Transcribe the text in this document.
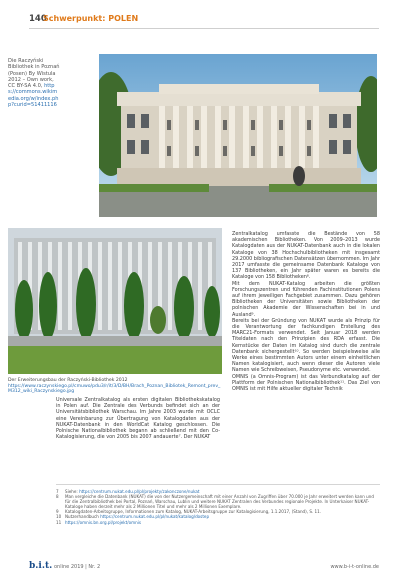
140
Schwerpunkt: POLEN
Die Raczyński Bibliothek in Poznań (Posen) By Wistula 2012 – Own work, CC BY-SA 4.0, https://commons.wikimedia.org/w/index.php?curid=51411116
Der Erweiterungsbau der Raczyński-Bibliothek 2012
https://www.raczynskiego.pl/cmuwo/pdu3/r/it/3/D/BH/Brach_Poznan_Bibliotek_Remont_prev_M312_wiki_Raczynskiego.jpg

Zentralkatalog umfasste die Bestände von 58 akademischen Bibliotheken. Von 2009–2013 wurde Katalogdaten aus der NUKAT-Datenbank auch in die lokalen Kataloge von 38 Hochschulbibliotheken mit insgesamt 29.2000 bibliografischen Datensätzen übernommen. Im Jahr 2017 umfasste die gemeinsame Datenbank Kataloge von 137 Bibliotheken, ein Jahr später waren es bereits die Kataloge von 158 Bibliotheken⁸.

Mit dem NUKAT-Katalog arbeiten die größten Forschungszentren und führenden Fachinstitutionen Polens auf ihrem jeweiligen Fachgebiet zusammen. Dazu gehören Bibliotheken der Universitäten sowie Bibliotheken der polnischen Akademie der Wissenschaften bei in und Ausland⁹.

Bereits bei der Gründung von NUKAT wurde als Prinzip für die Verantwortung der fachkundigen Erstellung des MARC21-Formats verwendet. Seit Januar 2018 werden Titeldaten nach den Prinzipien des RDA erfasst. Die Kernstücke der Daten im Katalog sind durch die zentrale Datenbank sichergestellt¹⁰. So werden beispielsweise alle Werke eines bestimmten Autors unter einem einheitlichen Namen katalogisiert, auch wenn dieser die Autoren viele Namen wie Schreibweisen, Pseudonyme etc. verwendet.

OMNIS (a Omnis-Program) ist das Verbundkatalog auf der Plattform der Polnischen Nationalbibliothek¹¹. Das Ziel von OMNIS ist mit Hilfe aktueller digitaler Technik

Universale Zentralkatalog als ersten digitalen Bibliothekskatalog in Polen auf. Die Zentrale des Verbunds befindet sich an der Universitätsbibliothek Warschau. Im Jahre 2003 wurde mit OCLC eine Vereinbarung zur Übertragung von Katalogdaten aus der NUKAT-Datenbank in den WorldCat Katalog geschlossen. Die Polnische Nationalbibliothek begann ab schließend mit den Co-Katalogisierung, die von 2005 bis 2007 andauerte⁷. Der NUKAT

7	Siehe: https://centrum.nukat.edu.pl/pl/projekty/zakonczone/nukat
8	Man vergleiche die Datenbank (NUKAT) die von der Nutzergemeinschaft mit einer Anzahl von Zugriffen über 70.000 je Jahr erweitert werden kann und für die Zentralbibliothek bei Portal, Poznań, Warschau, Lublin und weitere NUKAT Zentralen des Verbundes regionale Projekte. In Unterkaiser NUKAT-Kataloge haben derzeit mehr als 2 Millionen Titel und mehr als 2 Millionen Exemplare.
9	Katalogdaten-Arbeitsgruppe, Informationen zum Katalog, NUKAT-Arbeitsgruppe zur Katalogisierung, 1.1.2017, (Stand), S. 11.
10 Nutzerhandbuch https://centrum.nukat.edu.pl/pl/nukat/katalog/dostep
11 https://omnis.bn.org.pl/projekt/omnis
b.i.t. online 2019 | Nr. 2	www.b-i-t-online.de
